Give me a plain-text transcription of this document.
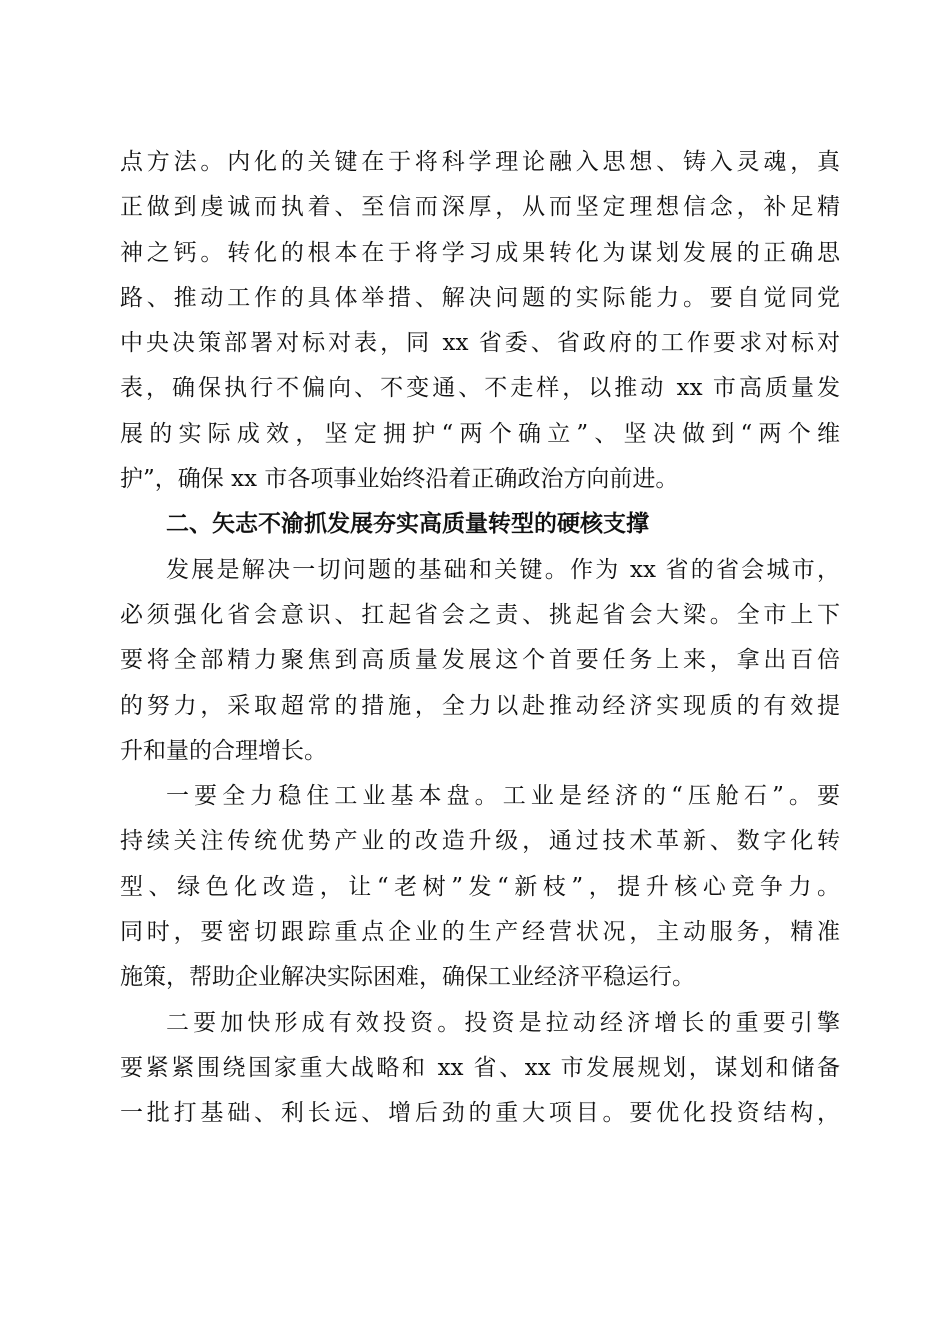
点方法。内化的关键在于将科学理论融入思想、铸入灵魂，真
正做到虔诚而执着、至信而深厚，从而坚定理想信念，补足精
神之钙。转化的根本在于将学习成果转化为谋划发展的正确思
路、推动工作的具体举措、解决问题的实际能力。要自觉同党
中央决策部署对标对表，同 xx 省委、省政府的工作要求对标对
表，确保执行不偏向、不变通、不走样，以推动 xx 市高质量发
展的实际成效，坚定拥护“两个确立”、坚决做到“两个维
护”，确保 xx 市各项事业始终沿着正确政治方向前进。
二、矢志不渝抓发展夯实高质量转型的硬核支撑
发展是解决一切问题的基础和关键。作为 xx 省的省会城市，
必须强化省会意识、扛起省会之责、挑起省会大梁。全市上下
要将全部精力聚焦到高质量发展这个首要任务上来，拿出百倍
的努力，采取超常的措施，全力以赴推动经济实现质的有效提
升和量的合理增长。
一要全力稳住工业基本盘。工业是经济的“压舱石”。要
持续关注传统优势产业的改造升级，通过技术革新、数字化转
型、绿色化改造，让“老树”发“新枝”，提升核心竞争力。
同时，要密切跟踪重点企业的生产经营状况，主动服务，精准
施策，帮助企业解决实际困难，确保工业经济平稳运行。
二要加快形成有效投资。投资是拉动经济增长的重要引擎
要紧紧围绕国家重大战略和 xx 省、xx 市发展规划，谋划和储备
一批打基础、利长远、增后劲的重大项目。要优化投资结构，
